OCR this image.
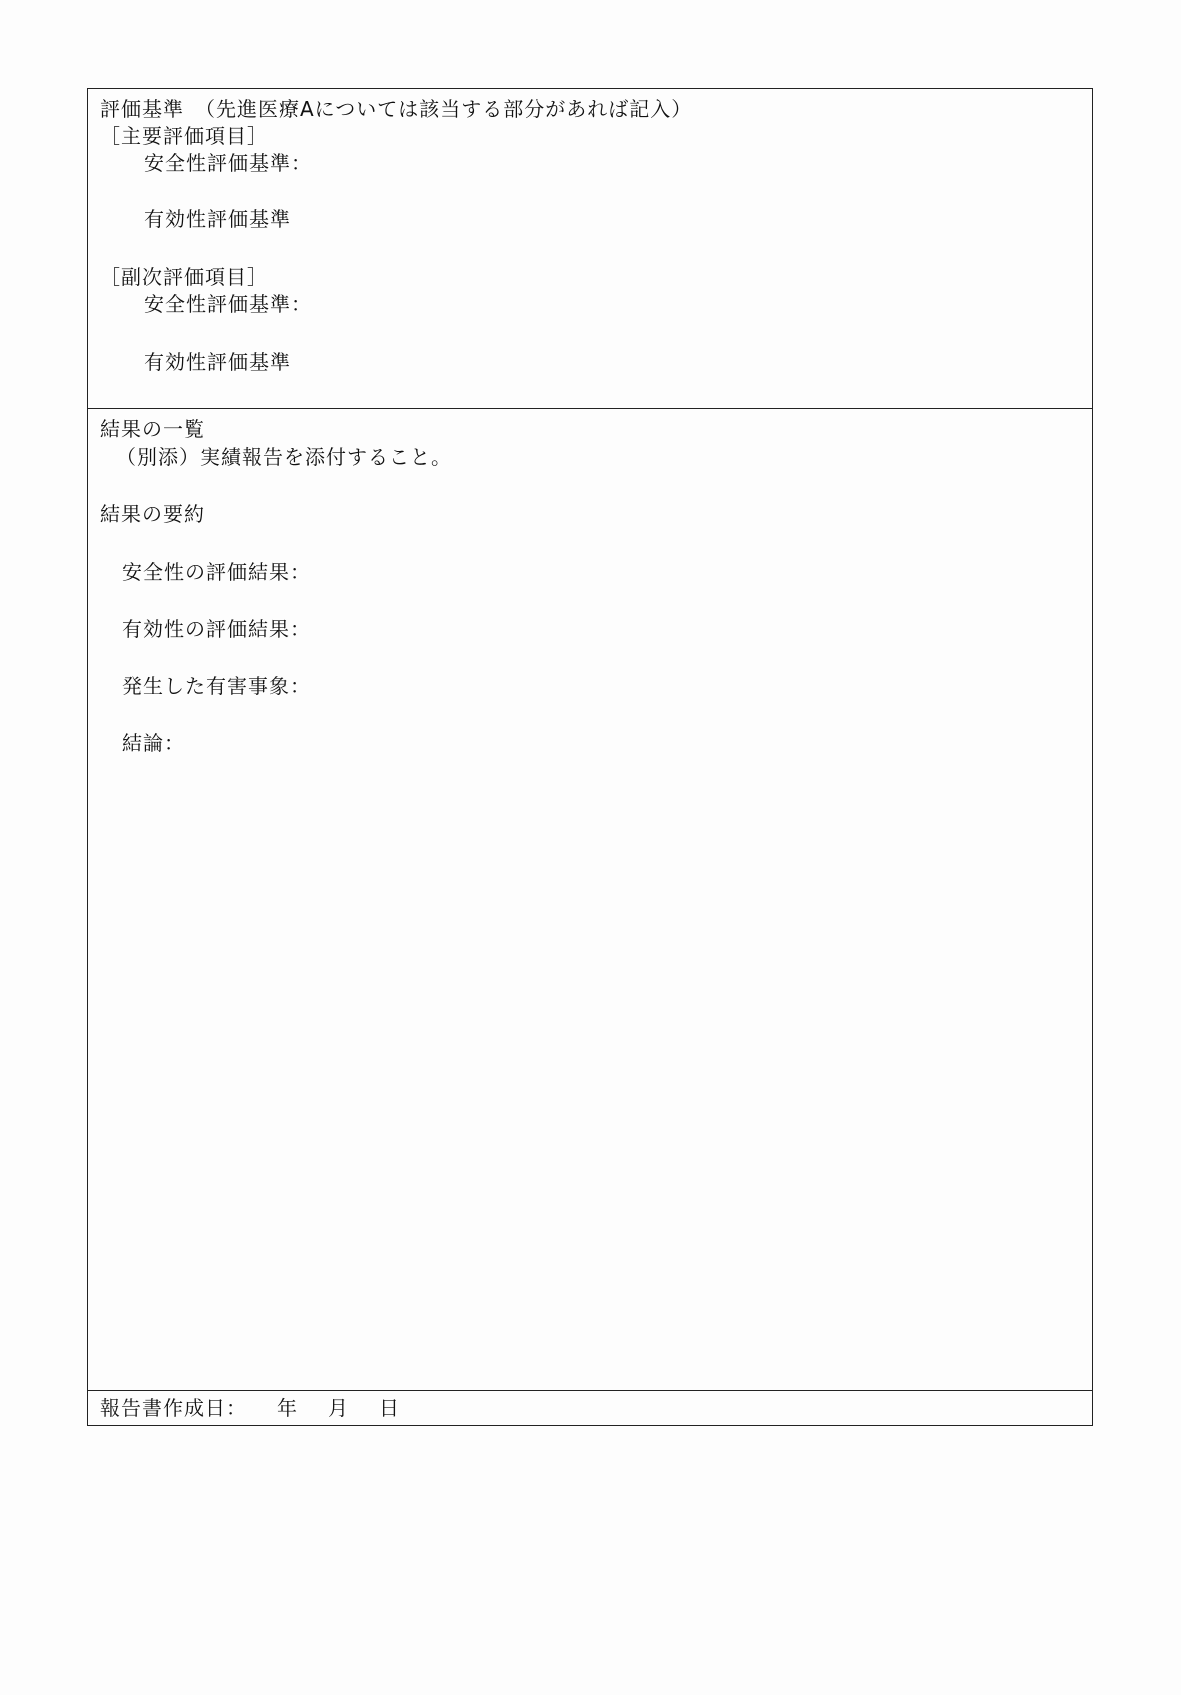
評価基準　（先進医療Aについては該当する部分があれば記入）
［主要評価項目］
安全性評価基準：
有効性評価基準
［副次評価項目］
安全性評価基準：
有効性評価基準
結果の一覧
（別添）実績報告を添付すること。
結果の要約
安全性の評価結果：
有効性の評価結果：
発生した有害事象：
結論：
報告書作成日： 年 月 日
